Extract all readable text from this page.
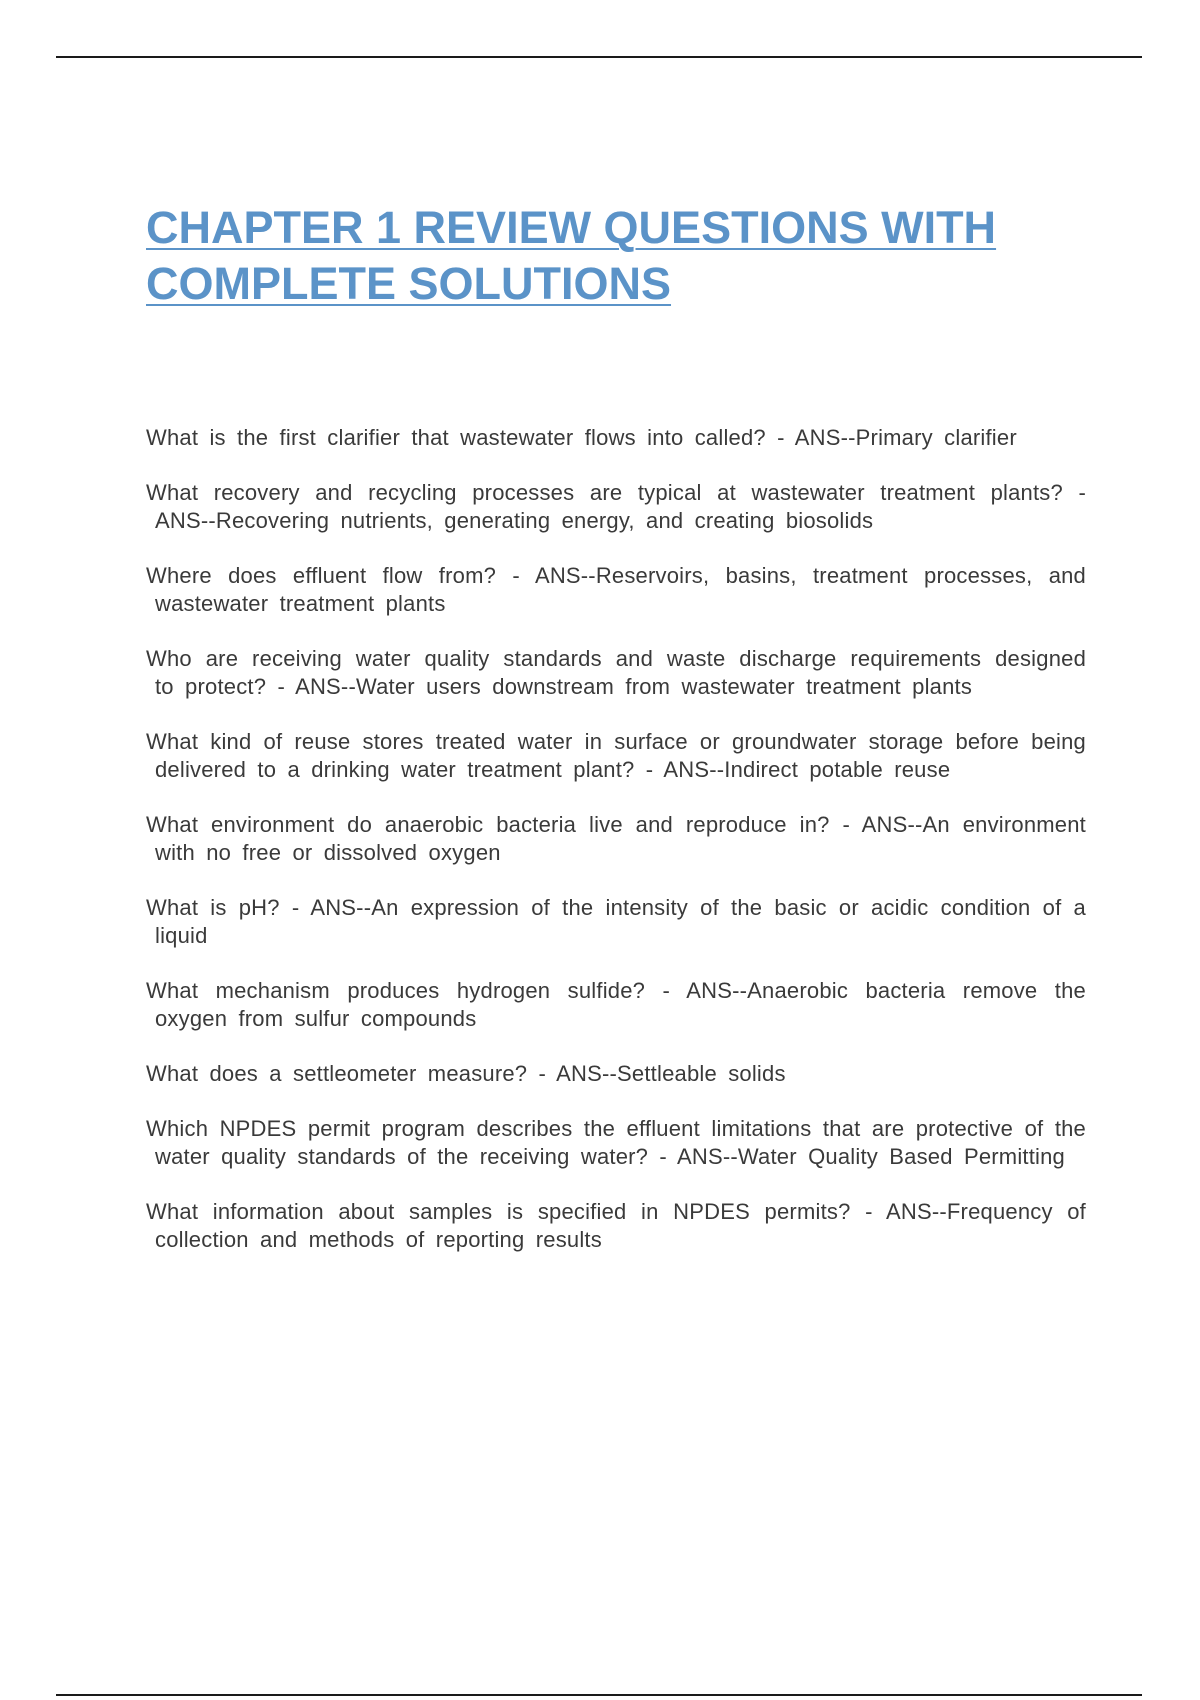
CHAPTER 1 REVIEW QUESTIONS WITH COMPLETE SOLUTIONS
What is the first clarifier that wastewater flows into called? - ANS--Primary clarifier
What recovery and recycling processes are typical at wastewater treatment plants? - ANS--Recovering nutrients, generating energy, and creating biosolids
Where does effluent flow from? - ANS--Reservoirs, basins, treatment processes, and wastewater treatment plants
Who are receiving water quality standards and waste discharge requirements designed to protect? - ANS--Water users downstream from wastewater treatment plants
What kind of reuse stores treated water in surface or groundwater storage before being delivered to a drinking water treatment plant? - ANS--Indirect potable reuse
What environment do anaerobic bacteria live and reproduce in? - ANS--An environment with no free or dissolved oxygen
What is pH? - ANS--An expression of the intensity of the basic or acidic condition of a liquid
What mechanism produces hydrogen sulfide? - ANS--Anaerobic bacteria remove the oxygen from sulfur compounds
What does a settleometer measure? - ANS--Settleable solids
Which NPDES permit program describes the effluent limitations that are protective of the water quality standards of the receiving water? - ANS--Water Quality Based Permitting
What information about samples is specified in NPDES permits? - ANS--Frequency of collection and methods of reporting results
